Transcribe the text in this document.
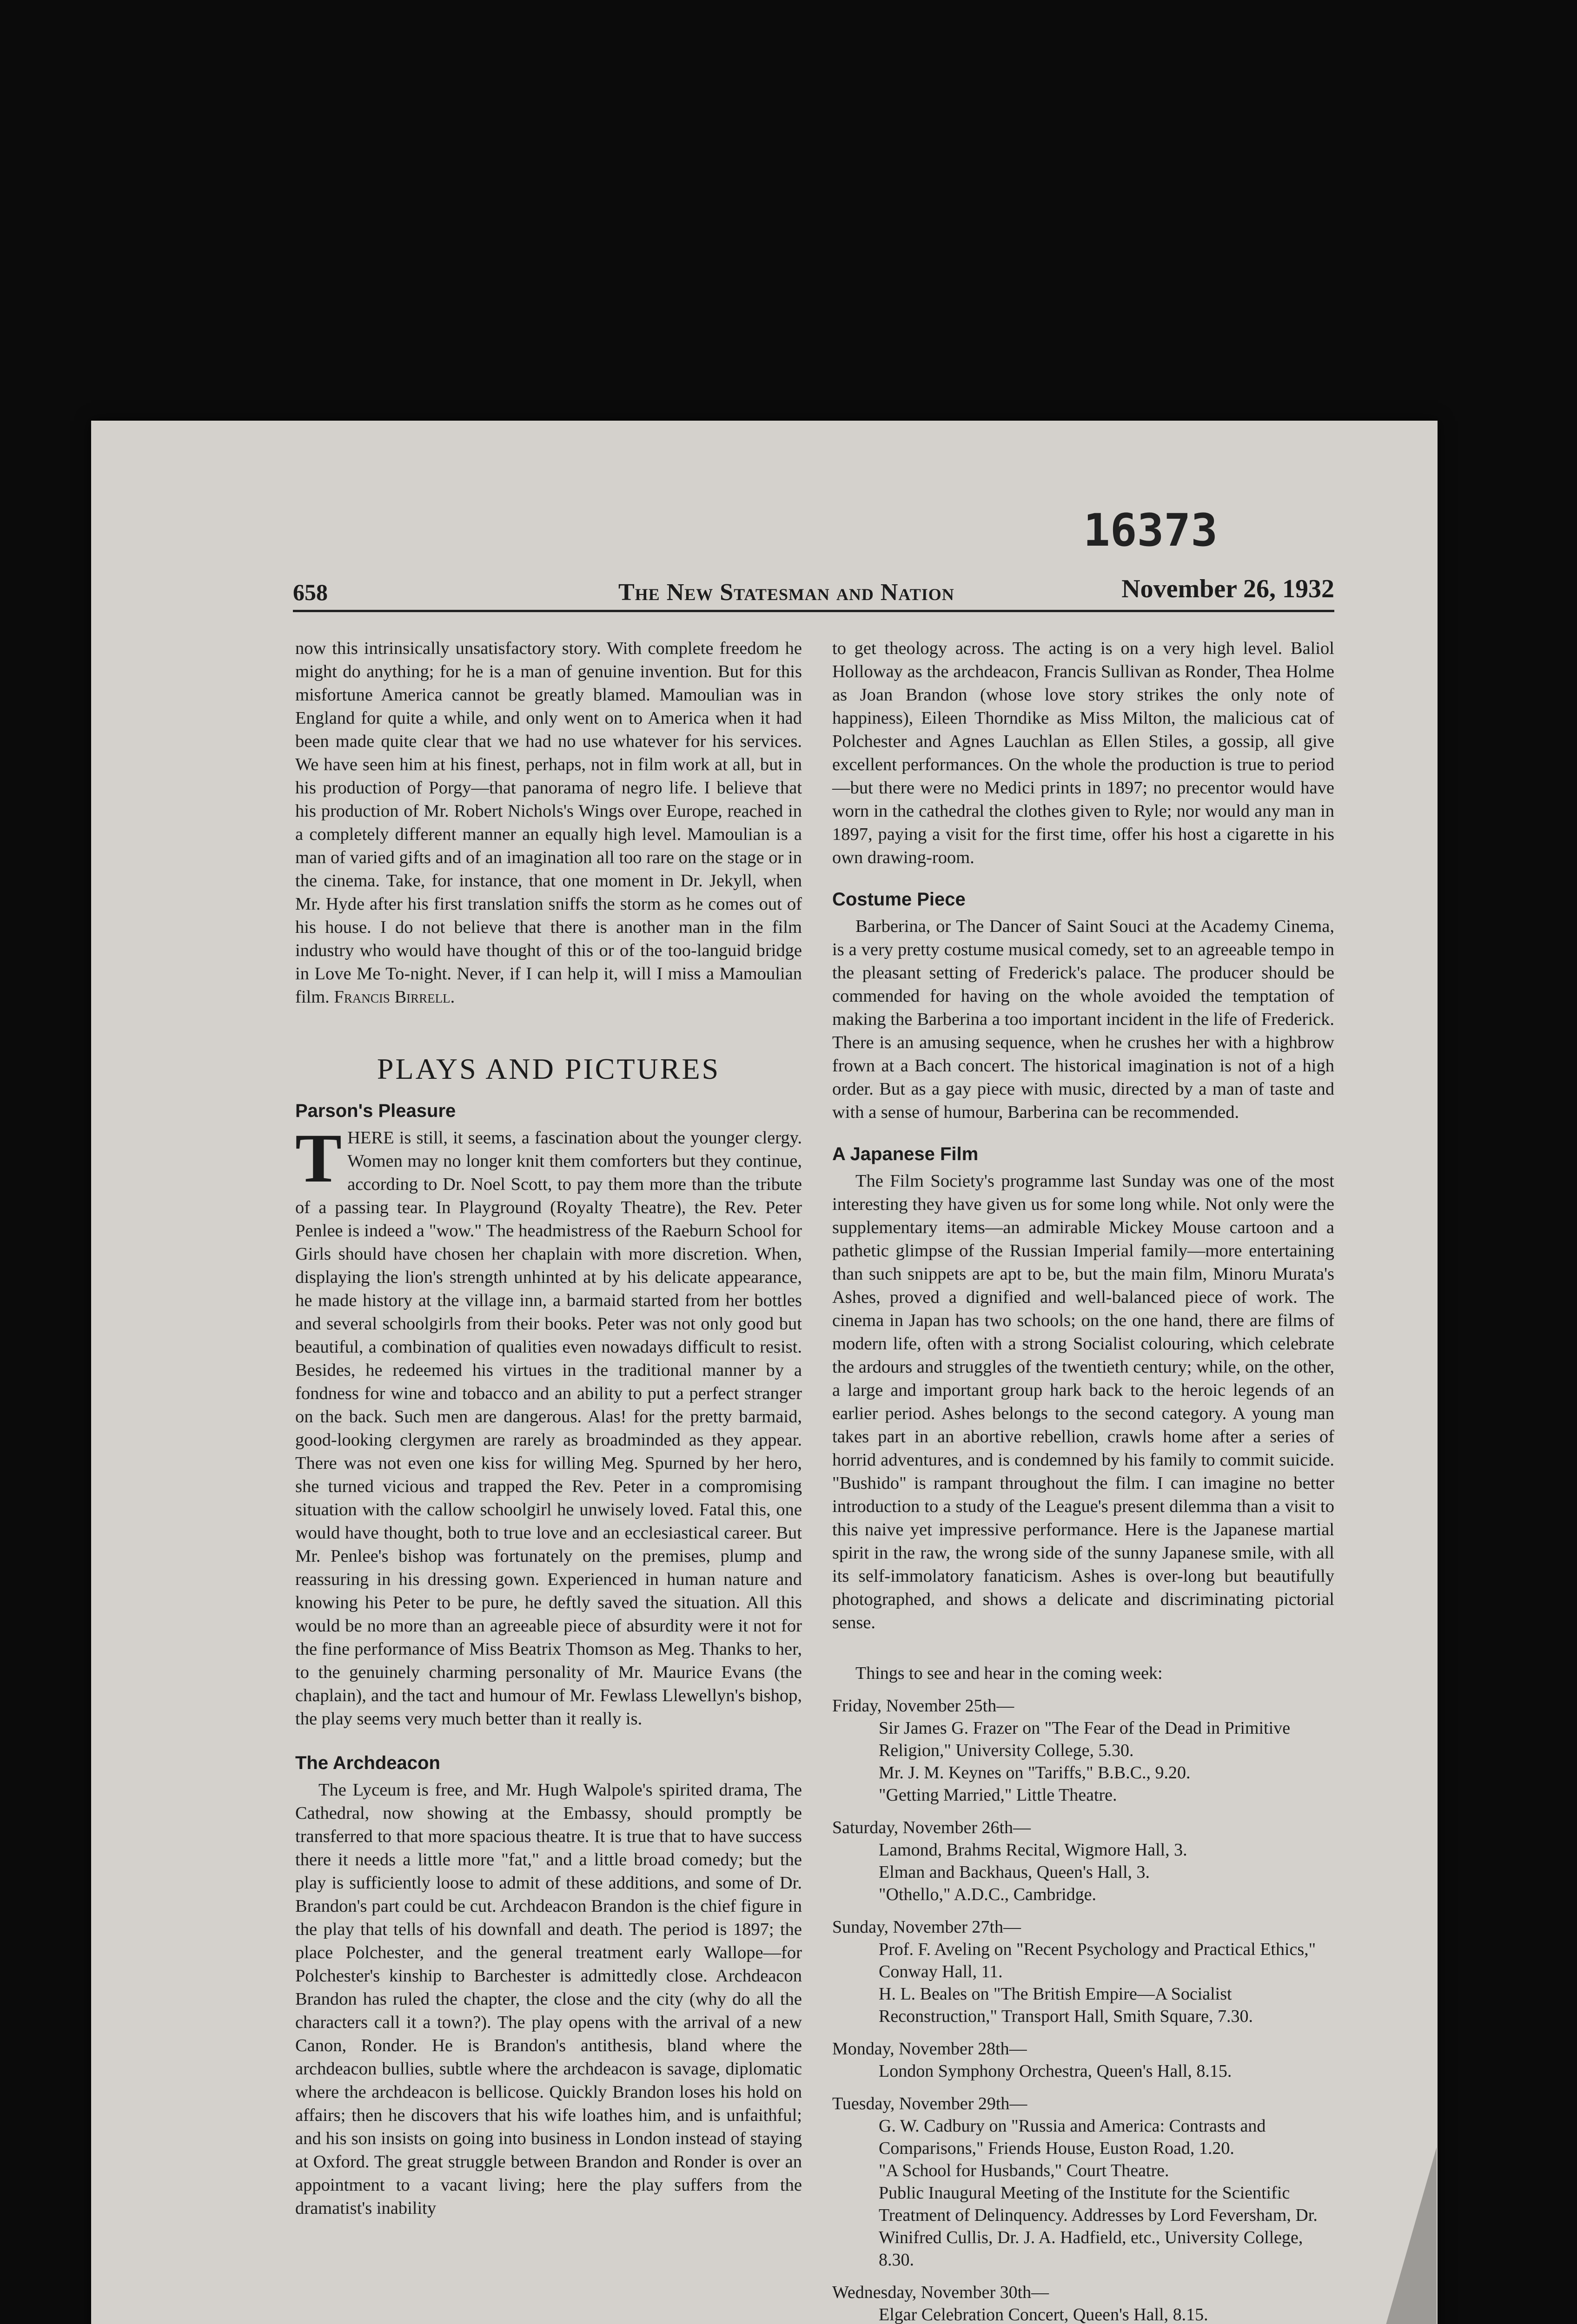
16373
658	The New Statesman and Nation	November 26, 1932

now this intrinsically unsatisfactory story. With complete freedom he might do anything; for he is a man of genuine invention. But for this misfortune America cannot be greatly blamed. Mamoulian was in England for quite a while, and only went on to America when it had been made quite clear that we had no use whatever for his services. We have seen him at his finest, perhaps, not in film work at all, but in his production of Porgy—that panorama of negro life. I believe that his production of Mr. Robert Nichols's Wings over Europe, reached in a completely different manner an equally high level. Mamoulian is a man of varied gifts and of an imagination all too rare on the stage or in the cinema. Take, for instance, that one moment in Dr. Jekyll, when Mr. Hyde after his first translation sniffs the storm as he comes out of his house. I do not believe that there is another man in the film industry who would have thought of this or of the too-languid bridge in Love Me To-night. Never, if I can help it, will I miss a Mamoulian film. Francis Birrell.

PLAYS AND PICTURES
Parson's Pleasure

THERE is still, it seems, a fascination about the younger clergy. Women may no longer knit them comforters but they continue, according to Dr. Noel Scott, to pay them more than the tribute of a passing tear. In Playground (Royalty Theatre), the Rev. Peter Penlee is indeed a "wow." The headmistress of the Raeburn School for Girls should have chosen her chaplain with more discretion. When, displaying the lion's strength unhinted at by his delicate appearance, he made history at the village inn, a barmaid started from her bottles and several schoolgirls from their books. Peter was not only good but beautiful, a combination of qualities even nowadays difficult to resist. Besides, he redeemed his virtues in the traditional manner by a fondness for wine and tobacco and an ability to put a perfect stranger on the back. Such men are dangerous. Alas! for the pretty barmaid, good-looking clergymen are rarely as broadminded as they appear. There was not even one kiss for willing Meg. Spurned by her hero, she turned vicious and trapped the Rev. Peter in a compromising situation with the callow schoolgirl he unwisely loved. Fatal this, one would have thought, both to true love and an ecclesiastical career. But Mr. Penlee's bishop was fortunately on the premises, plump and reassuring in his dressing gown. Experienced in human nature and knowing his Peter to be pure, he deftly saved the situation. All this would be no more than an agreeable piece of absurdity were it not for the fine performance of Miss Beatrix Thomson as Meg. Thanks to her, to the genuinely charming personality of Mr. Maurice Evans (the chaplain), and the tact and humour of Mr. Fewlass Llewellyn's bishop, the play seems very much better than it really is.

The Archdeacon

The Lyceum is free, and Mr. Hugh Walpole's spirited drama, The Cathedral, now showing at the Embassy, should promptly be transferred to that more spacious theatre. It is true that to have success there it needs a little more "fat," and a little broad comedy; but the play is sufficiently loose to admit of these additions, and some of Dr. Brandon's part could be cut. Archdeacon Brandon is the chief figure in the play that tells of his downfall and death. The period is 1897; the place Polchester, and the general treatment early Wallope—for Polchester's kinship to Barchester is admittedly close. Archdeacon Brandon has ruled the chapter, the close and the city (why do all the characters call it a town?). The play opens with the arrival of a new Canon, Ronder. He is Brandon's antithesis, bland where the archdeacon bullies, subtle where the archdeacon is savage, diplomatic where the archdeacon is bellicose. Quickly Brandon loses his hold on affairs; then he discovers that his wife loathes him, and is unfaithful; and his son insists on going into business in London instead of staying at Oxford. The great struggle between Brandon and Ronder is over an appointment to a vacant living; here the play suffers from the dramatist's inability

to get theology across. The acting is on a very high level. Baliol Holloway as the archdeacon, Francis Sullivan as Ronder, Thea Holme as Joan Brandon (whose love story strikes the only note of happiness), Eileen Thorndike as Miss Milton, the malicious cat of Polchester and Agnes Lauchlan as Ellen Stiles, a gossip, all give excellent performances. On the whole the production is true to period—but there were no Medici prints in 1897; no precentor would have worn in the cathedral the clothes given to Ryle; nor would any man in 1897, paying a visit for the first time, offer his host a cigarette in his own drawing-room.

Costume Piece

Barberina, or The Dancer of Saint Souci at the Academy Cinema, is a very pretty costume musical comedy, set to an agreeable tempo in the pleasant setting of Frederick's palace. The producer should be commended for having on the whole avoided the temptation of making the Barberina a too important incident in the life of Frederick. There is an amusing sequence, when he crushes her with a highbrow frown at a Bach concert. The historical imagination is not of a high order. But as a gay piece with music, directed by a man of taste and with a sense of humour, Barberina can be recommended.

A Japanese Film

The Film Society's programme last Sunday was one of the most interesting they have given us for some long while. Not only were the supplementary items—an admirable Mickey Mouse cartoon and a pathetic glimpse of the Russian Imperial family—more entertaining than such snippets are apt to be, but the main film, Minoru Murata's Ashes, proved a dignified and well-balanced piece of work. The cinema in Japan has two schools; on the one hand, there are films of modern life, often with a strong Socialist colouring, which celebrate the ardours and struggles of the twentieth century; while, on the other, a large and important group hark back to the heroic legends of an earlier period. Ashes belongs to the second category. A young man takes part in an abortive rebellion, crawls home after a series of horrid adventures, and is condemned by his family to commit suicide. "Bushido" is rampant throughout the film. I can imagine no better introduction to a study of the League's present dilemma than a visit to this naive yet impressive performance. Here is the Japanese martial spirit in the raw, the wrong side of the sunny Japanese smile, with all its self-immolatory fanaticism. Ashes is over-long but beautifully photographed, and shows a delicate and discriminating pictorial sense.

Things to see and hear in the coming week:
Friday, November 25th—
Sir James G. Frazer on "The Fear of the Dead in Primitive Religion," University College, 5.30.
Mr. J. M. Keynes on "Tariffs," B.B.C., 9.20.
"Getting Married," Little Theatre.
Saturday, November 26th—
Lamond, Brahms Recital, Wigmore Hall, 3.
Elman and Backhaus, Queen's Hall, 3.
"Othello," A.D.C., Cambridge.
Sunday, November 27th—
Prof. F. Aveling on "Recent Psychology and Practical Ethics," Conway Hall, 11.
H. L. Beales on "The British Empire—A Socialist Reconstruction," Transport Hall, Smith Square, 7.30.
Monday, November 28th—
London Symphony Orchestra, Queen's Hall, 8.15.
Tuesday, November 29th—
G. W. Cadbury on "Russia and America: Contrasts and Comparisons," Friends House, Euston Road, 1.20.
"A School for Husbands," Court Theatre.
Public Inaugural Meeting of the Institute for the Scientific Treatment of Delinquency. Addresses by Lord Feversham, Dr. Winifred Cullis, Dr. J. A. Hadfield, etc., University College, 8.30.
Wednesday, November 30th—
Elgar Celebration Concert, Queen's Hall, 8.15.
